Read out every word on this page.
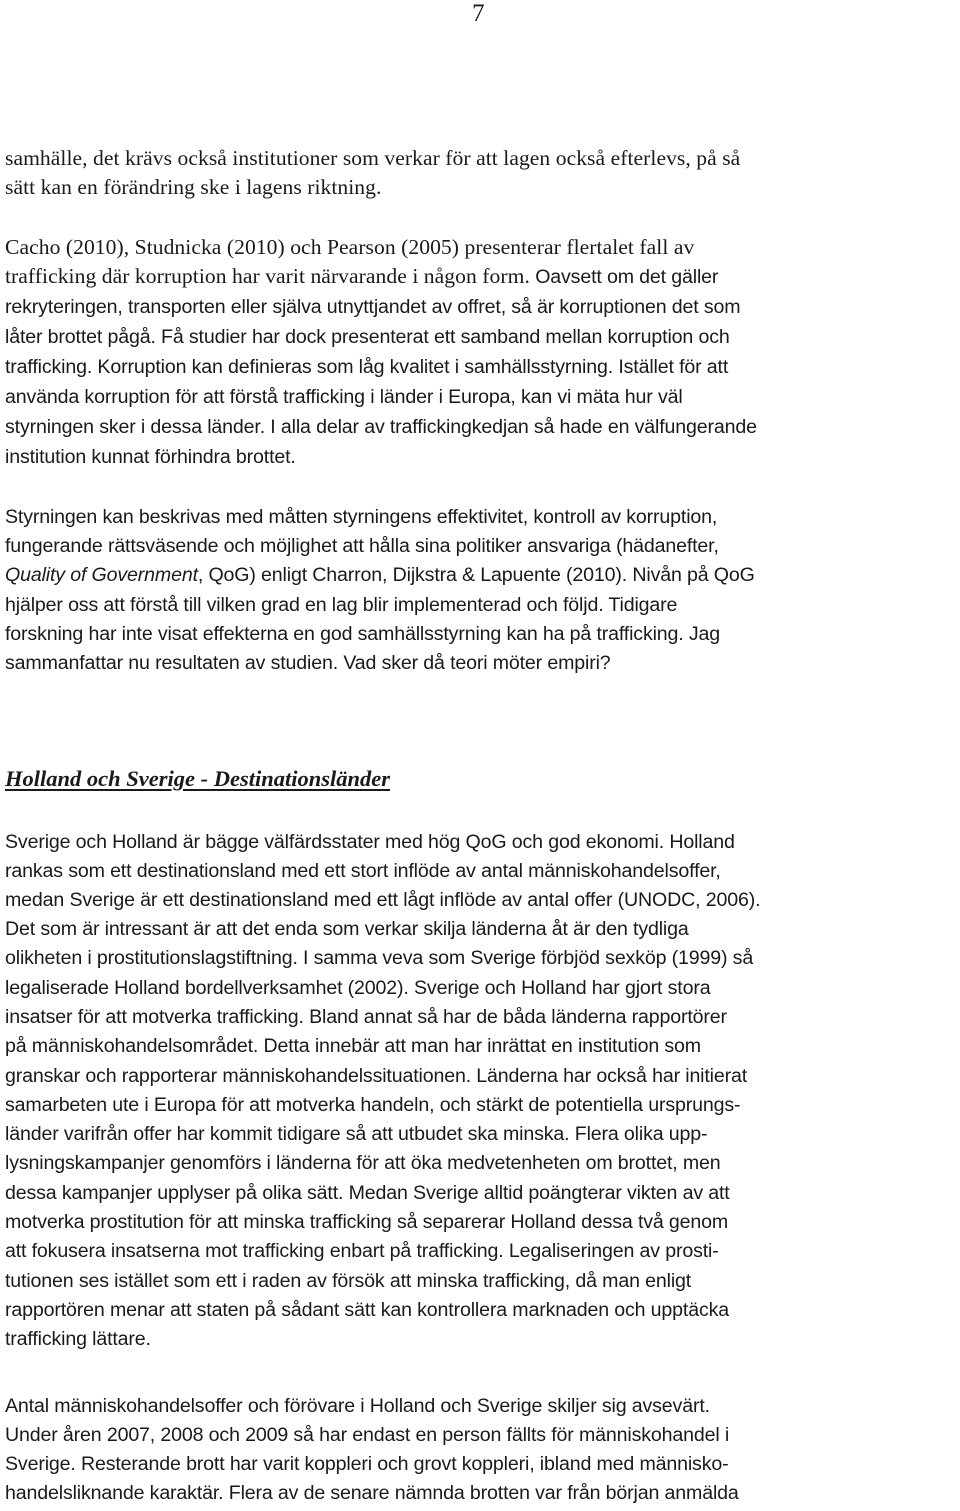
7
samhälle, det krävs också institutioner som verkar för att lagen också efterlevs, på så
sätt kan en förändring ske i lagens riktning.
Cacho (2010), Studnicka (2010) och Pearson (2005) presenterar flertalet fall av
trafficking där korruption har varit närvarande i någon form. Oavsett om det gäller
rekryteringen, transporten eller själva utnyttjandet av offret, så är korruptionen det som
låter brottet pågå. Få studier har dock presenterat ett samband mellan korruption och
trafficking. Korruption kan definieras som låg kvalitet i samhällsstyrning. Istället för att
använda korruption för att förstå trafficking i länder i Europa, kan vi mäta hur väl
styrningen sker i dessa länder. I alla delar av traffickingkedjan så hade en välfungerande
institution kunnat förhindra brottet.
Styrningen kan beskrivas med måtten styrningens effektivitet, kontroll av korruption,
fungerande rättsväsende och möjlighet att hålla sina politiker ansvariga (hädanefter,
Quality of Government, QoG) enligt Charron, Dijkstra & Lapuente (2010). Nivån på QoG
hjälper oss att förstå till vilken grad en lag blir implementerad och följd. Tidigare
forskning har inte visat effekterna en god samhällsstyrning kan ha på trafficking. Jag
sammanfattar nu resultaten av studien. Vad sker då teori möter empiri?
Holland och Sverige - Destinationsländer
Sverige och Holland är bägge välfärdsstater med hög QoG och god ekonomi. Holland
rankas som ett destinationsland med ett stort inflöde av antal människohandelsoffer,
medan Sverige är ett destinationsland med ett lågt inflöde av antal offer (UNODC, 2006).
Det som är intressant är att det enda som verkar skilja länderna åt är den tydliga
olikheten i prostitutionslagstiftning. I samma veva som Sverige förbjöd sexköp (1999) så
legaliserade Holland bordellverksamhet (2002). Sverige och Holland har gjort stora
insatser för att motverka trafficking. Bland annat så har de båda länderna rapportörer
på människohandelsområdet. Detta innebär att man har inrättat en institution som
granskar och rapporterar människohandelssituationen. Länderna har också har initierat
samarbeten ute i Europa för att motverka handeln, och stärkt de potentiella ursprungs-
länder varifrån offer har kommit tidigare så att utbudet ska minska. Flera olika upp-
lysningskampanjer genomförs i länderna för att öka medvetenheten om brottet, men
dessa kampanjer upplyser på olika sätt. Medan Sverige alltid poängterar vikten av att
motverka prostitution för att minska trafficking så separerar Holland dessa två genom
att fokusera insatserna mot trafficking enbart på trafficking. Legaliseringen av prosti-
tutionen ses istället som ett i raden av försök att minska trafficking, då man enligt
rapportören menar att staten på sådant sätt kan kontrollera marknaden och upptäcka
trafficking lättare.
Antal människohandelsoffer och förövare i Holland och Sverige skiljer sig avsevärt.
Under åren 2007, 2008 och 2009 så har endast en person fällts för människohandel i
Sverige. Resterande brott har varit koppleri och grovt koppleri, ibland med människo-
handelsliknande karaktär. Flera av de senare nämnda brotten var från början anmälda
